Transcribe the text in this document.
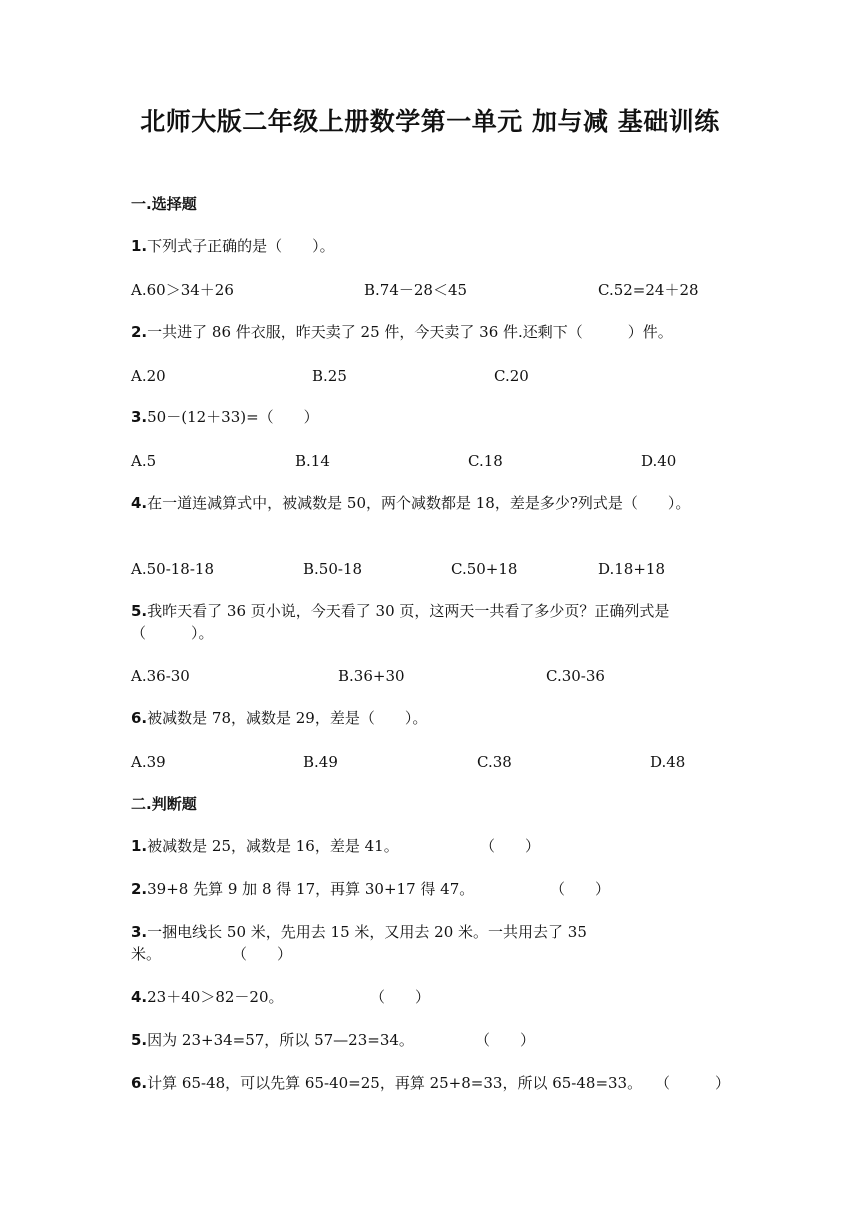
北师大版二年级上册数学第一单元 加与减 基础训练
一.选择题
1.下列式子正确的是（　　）。
A.60＞34＋26	B.74－28＜45	C.52=24＋28
2.一共进了 86 件衣服，昨天卖了 25 件，今天卖了 36 件.还剩下（　　　）件。
A.20	B.25	C.20
3.50－(12＋33)=（　　）
A.5	B.14	C.18	D.40
4.在一道连减算式中，被减数是 50，两个减数都是 18，差是多少?列式是（　　）。
A.50-18-18	B.50-18	C.50+18	D.18+18
5.我昨天看了 36 页小说，今天看了 30 页，这两天一共看了多少页？正确列式是（　　　）。
A.36-30	B.36+30	C.30-36
6.被减数是 78，减数是 29，差是（　　）。
A.39	B.49	C.38	D.48
二.判断题
1.被减数是 25，减数是 16，差是 41。	（　　）
2.39+8 先算 9 加 8 得 17，再算 30+17 得 47。	（　　）
3.一捆电线长 50 米，先用去 15 米，又用去 20 米。一共用去了 35
米。	（　　）
4.23＋40＞82－20。	（　　）
5.因为 23+34=57，所以 57—23=34。	（　　）
6.计算 65-48，可以先算 65-40=25，再算 25+8=33，所以 65-48=33。 （　　　）
